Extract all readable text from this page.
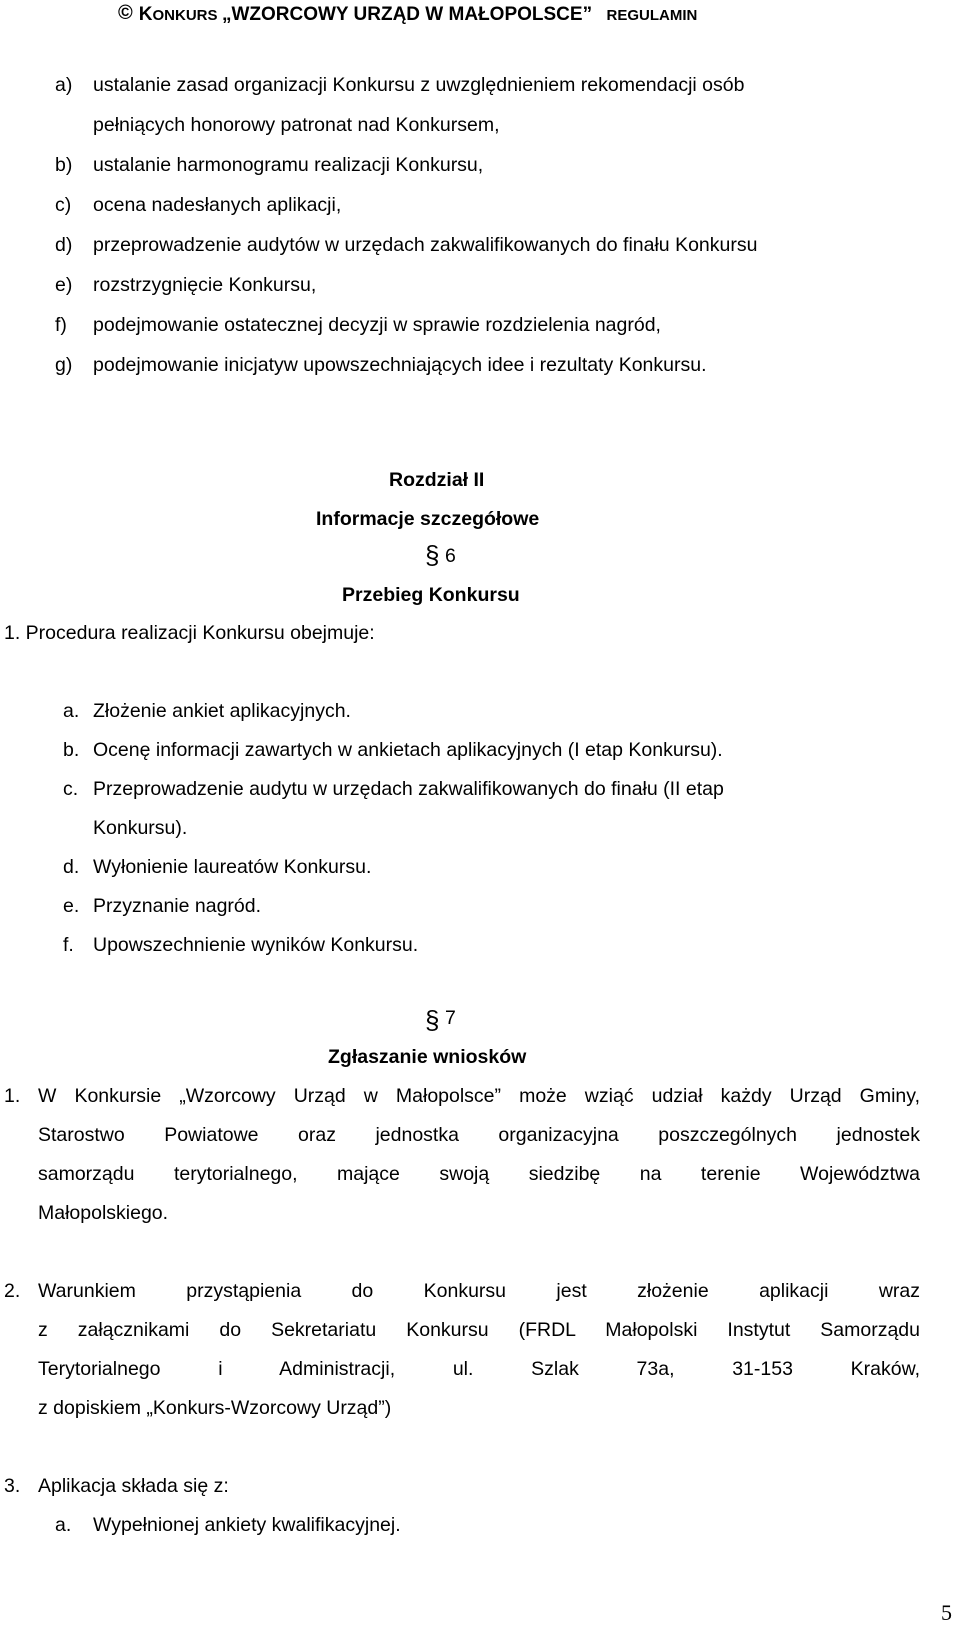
© KONKURS „WZORCOWY URZĄD W MAŁOPOLSCE” REGULAMIN
a) ustalanie zasad organizacji Konkursu z uwzględnieniem rekomendacji osób
pełniących honorowy patronat nad Konkursem,
b) ustalanie harmonogramu realizacji Konkursu,
c) ocena nadesłanych aplikacji,
d) przeprowadzenie audytów w urzędach zakwalifikowanych do finału Konkursu
e) rozstrzygnięcie Konkursu,
f) podejmowanie ostatecznej decyzji w sprawie rozdzielenia nagród,
g) podejmowanie inicjatyw upowszechniających idee i rezultaty Konkursu.
Rozdział II
Informacje szczegółowe
§ 6
Przebieg Konkursu
1. Procedura realizacji Konkursu obejmuje:
a. Złożenie ankiet aplikacyjnych.
b. Ocenę informacji zawartych w ankietach aplikacyjnych (I etap Konkursu).
c. Przeprowadzenie audytu w urzędach zakwalifikowanych do finału (II etap
Konkursu).
d. Wyłonienie laureatów Konkursu.
e. Przyznanie nagród.
f. Upowszechnienie wyników Konkursu.
§ 7
Zgłaszanie wniosków
1. W Konkursie „Wzorcowy Urząd w Małopolsce” może wziąć udział każdy Urząd Gminy,
Starostwo Powiatowe oraz jednostka organizacyjna poszczególnych jednostek
samorządu terytorialnego, mające swoją siedzibę na terenie Województwa
Małopolskiego.
2. Warunkiem przystąpienia do Konkursu jest złożenie aplikacji wraz
z załącznikami do Sekretariatu Konkursu (FRDL Małopolski Instytut Samorządu
Terytorialnego i Administracji, ul. Szlak 73a, 31-153 Kraków,
z dopiskiem „Konkurs-Wzorcowy Urząd”)
3. Aplikacja składa się z:
a. Wypełnionej ankiety kwalifikacyjnej.
5
